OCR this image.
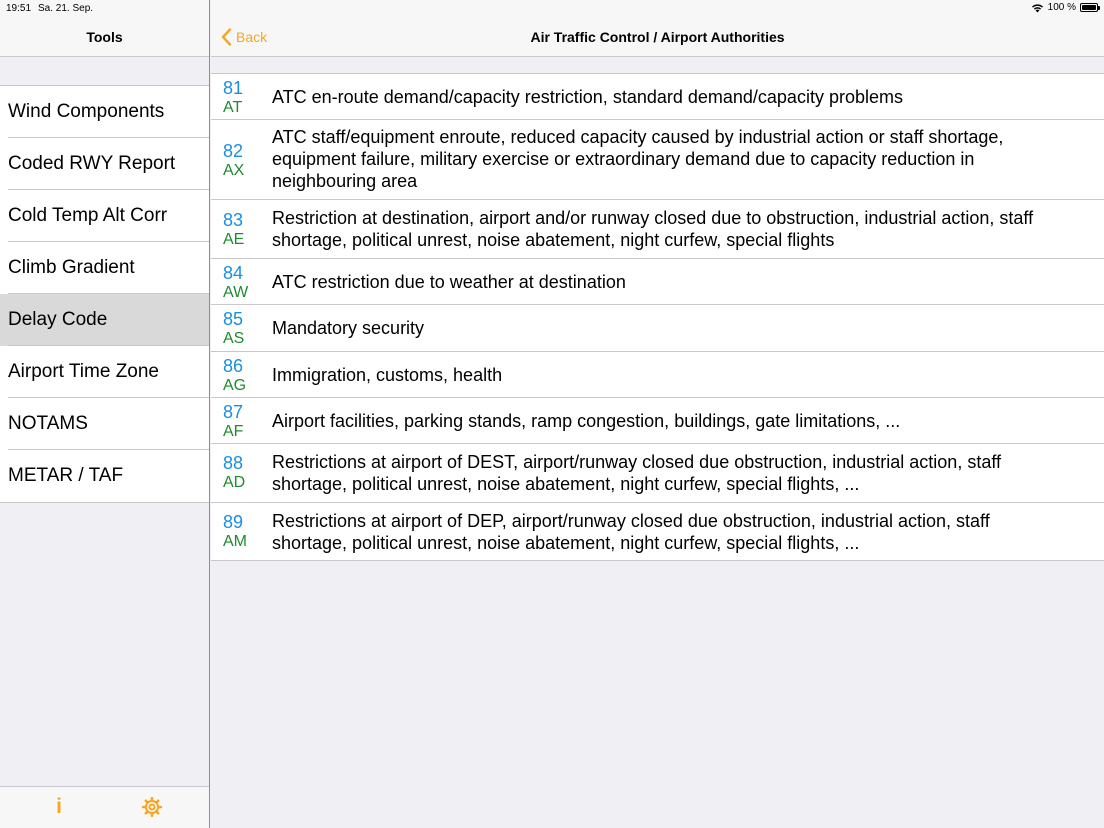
19:51 Sa. 21. Sep.	100 %
Tools
Wind Components
Coded RWY Report
Cold Temp Alt Corr
Climb Gradient
Delay Code
Airport Time Zone
NOTAMS
METAR / TAF
i
Back	Air Traffic Control / Airport Authorities
81
AT
ATC en-route demand/capacity restriction, standard demand/capacity problems
82
AX
ATC staff/equipment enroute, reduced capacity caused by industrial action or staff shortage, equipment failure, military exercise or extraordinary demand due to capacity reduction in neighbouring area
83
AE
Restriction at destination, airport and/or runway closed due to obstruction, industrial action, staff shortage, political unrest, noise abatement, night curfew, special flights
84
AW
ATC restriction due to weather at destination
85
AS
Mandatory security
86
AG
Immigration, customs, health
87
AF
Airport facilities, parking stands, ramp congestion, buildings, gate limitations, ...
88
AD
Restrictions at airport of DEST, airport/runway closed due obstruction, industrial action, staff shortage, political unrest, noise abatement, night curfew, special flights, ...
89
AM
Restrictions at airport of DEP, airport/runway closed due obstruction, industrial action, staff shortage, political unrest, noise abatement, night curfew, special flights, ...
